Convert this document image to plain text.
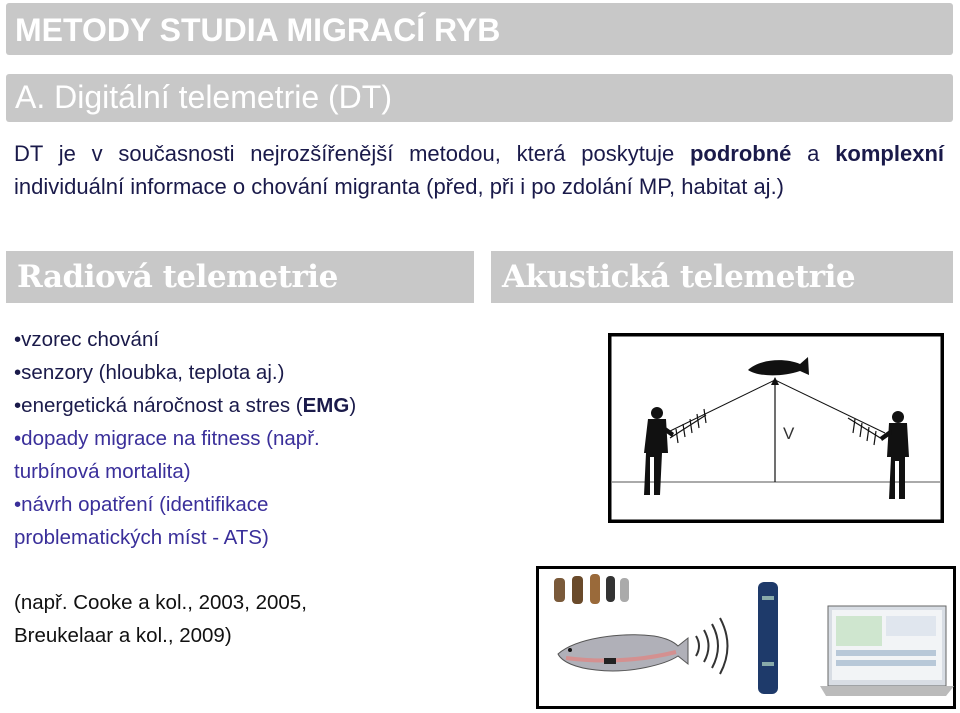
METODY STUDIA MIGRACÍ RYB
A. Digitální telemetrie (DT)
DT je v současnosti nejrozšířenější metodou, která poskytuje podrobné a komplexní individuální informace o chování migranta (před, při i po zdolání MP, habitat aj.)
Radiová telemetrie	Akustická telemetrie
•vzorec chování
•senzory (hloubka, teplota aj.)
•energetická náročnost a stres (EMG)
•dopady migrace na fitness (např.
turbínová mortalita)
•návrh opatření (identifikace
problematických míst - ATS)
(např. Cooke a kol., 2003, 2005,
Breukelaar a kol., 2009)
V
